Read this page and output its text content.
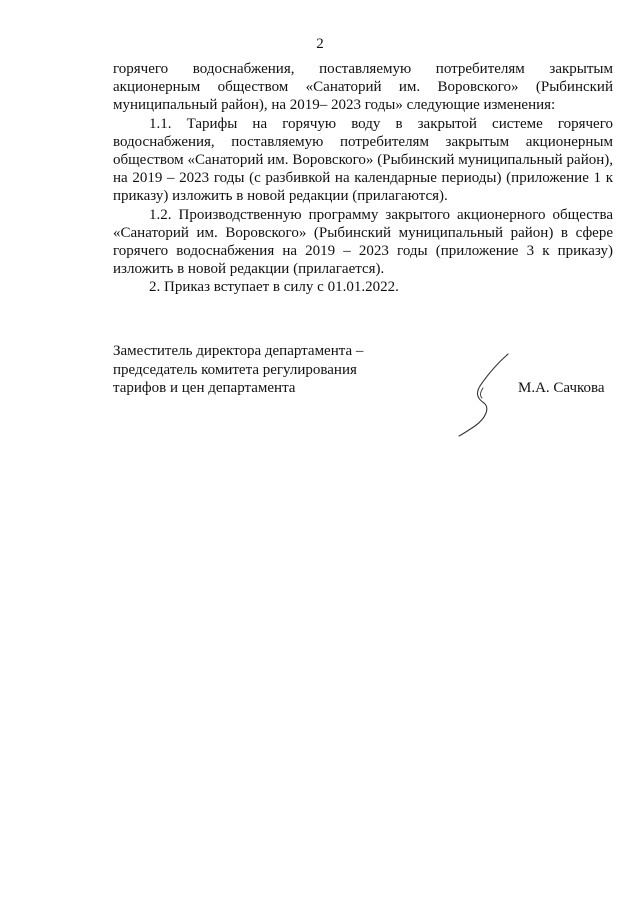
2

горячего водоснабжения, поставляемую потребителям закрытым акционерным обществом «Санаторий им. Воровского» (Рыбинский муниципальный район), на 2019– 2023 годы» следующие изменения:

1.1. Тарифы на горячую воду в закрытой системе горячего водоснабжения, поставляемую потребителям закрытым акционерным обществом «Санаторий им. Воровского» (Рыбинский муниципальный район), на 2019 – 2023 годы (с разбивкой на календарные периоды) (приложение 1 к приказу) изложить в новой редакции (прилагаются).

1.2. Производственную программу закрытого акционерного общества «Санаторий им. Воровского» (Рыбинский муниципальный район) в сфере горячего водоснабжения на 2019 – 2023 годы (приложение 3 к приказу) изложить в новой редакции (прилагается).

2. Приказ вступает в силу с 01.01.2022.

Заместитель директора департамента –
председатель комитета регулирования
тарифов и цен департамента	М.А. Сачкова
